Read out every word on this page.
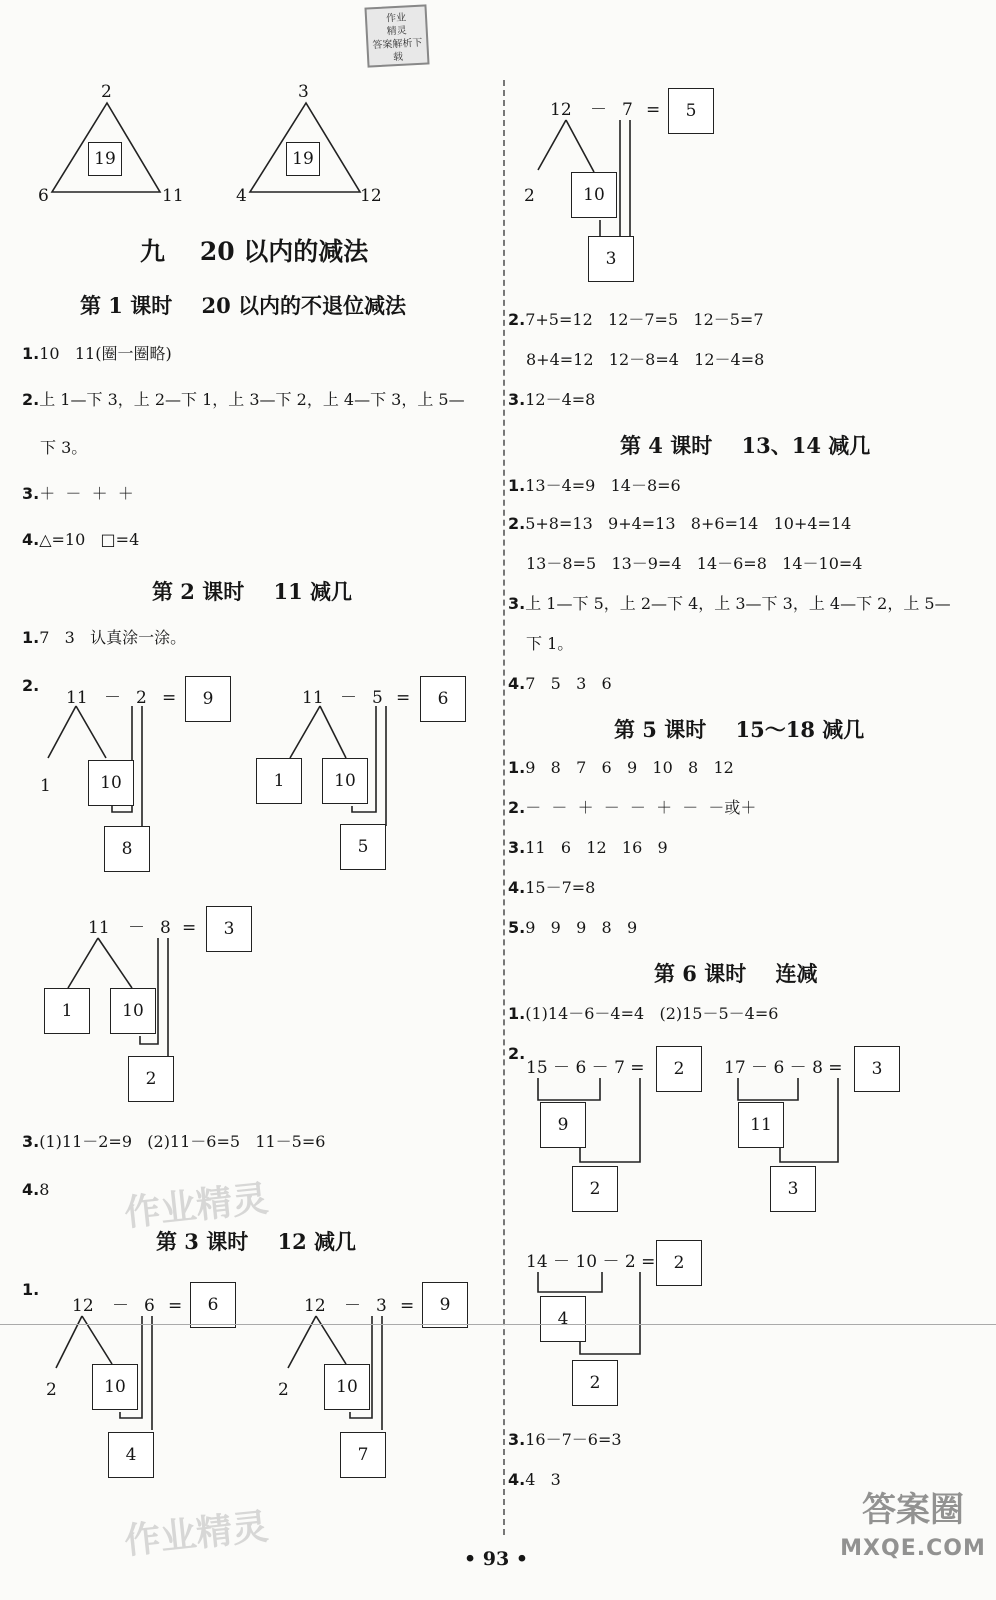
作业
精灵
答案解析下载
2
6	11
19
3
4	12
19
九    20 以内的减法
第 1 课时    20 以内的不退位减法
1.10   11(圈一圈略)
2.上 1—下 3，上 2—下 1，上 3—下 2，上 4—下 3，上 5—
下 3。
3.＋  －  ＋  ＋
4.△=10   □=4
第 2 课时    11 减几
1.7   3   认真涂一涂。
2.
11 － 2 =	9
1	10
8
11 － 5 =	6
1	10
5
11 － 8 =	3
1	10
2
3.(1)11－2=9   (2)11－6=5   11－5=6
4.8
第 3 课时    12 减几
1.
12 － 6 =	6
2	10
4
12 － 3 =	9
2	10
7
12 － 7 =	5
2	10
3
2.7+5=12   12－7=5   12－5=7
8+4=12   12－8=4   12－4=8
3.12－4=8
第 4 课时    13、14 减几
1.13－4=9   14－8=6
2.5+8=13   9+4=13   8+6=14   10+4=14
13－8=5   13－9=4   14－6=8   14－10=4
3.上 1—下 5，上 2—下 4，上 3—下 3，上 4—下 2，上 5—
下 1。
4.7   5   3   6
第 5 课时    15～18 减几
1.9   8   7   6   9   10   8   12
2.－  －  ＋  －  －  ＋  －  －或＋
3.11   6   12   16   9
4.15－7=8
5.9   9   9   8   9
第 6 课时    连减
1.(1)14－6－4=4   (2)15－5－4=6
2.
15 － 6 － 7 =	2
9
2
17 － 6 － 8 =	3
11
3
14 － 10 － 2 =	2
4
2
3.16－7－6=3
4.4   3
作业精灵
作业精灵	答案圈
MXQE.COM
• 93 •
